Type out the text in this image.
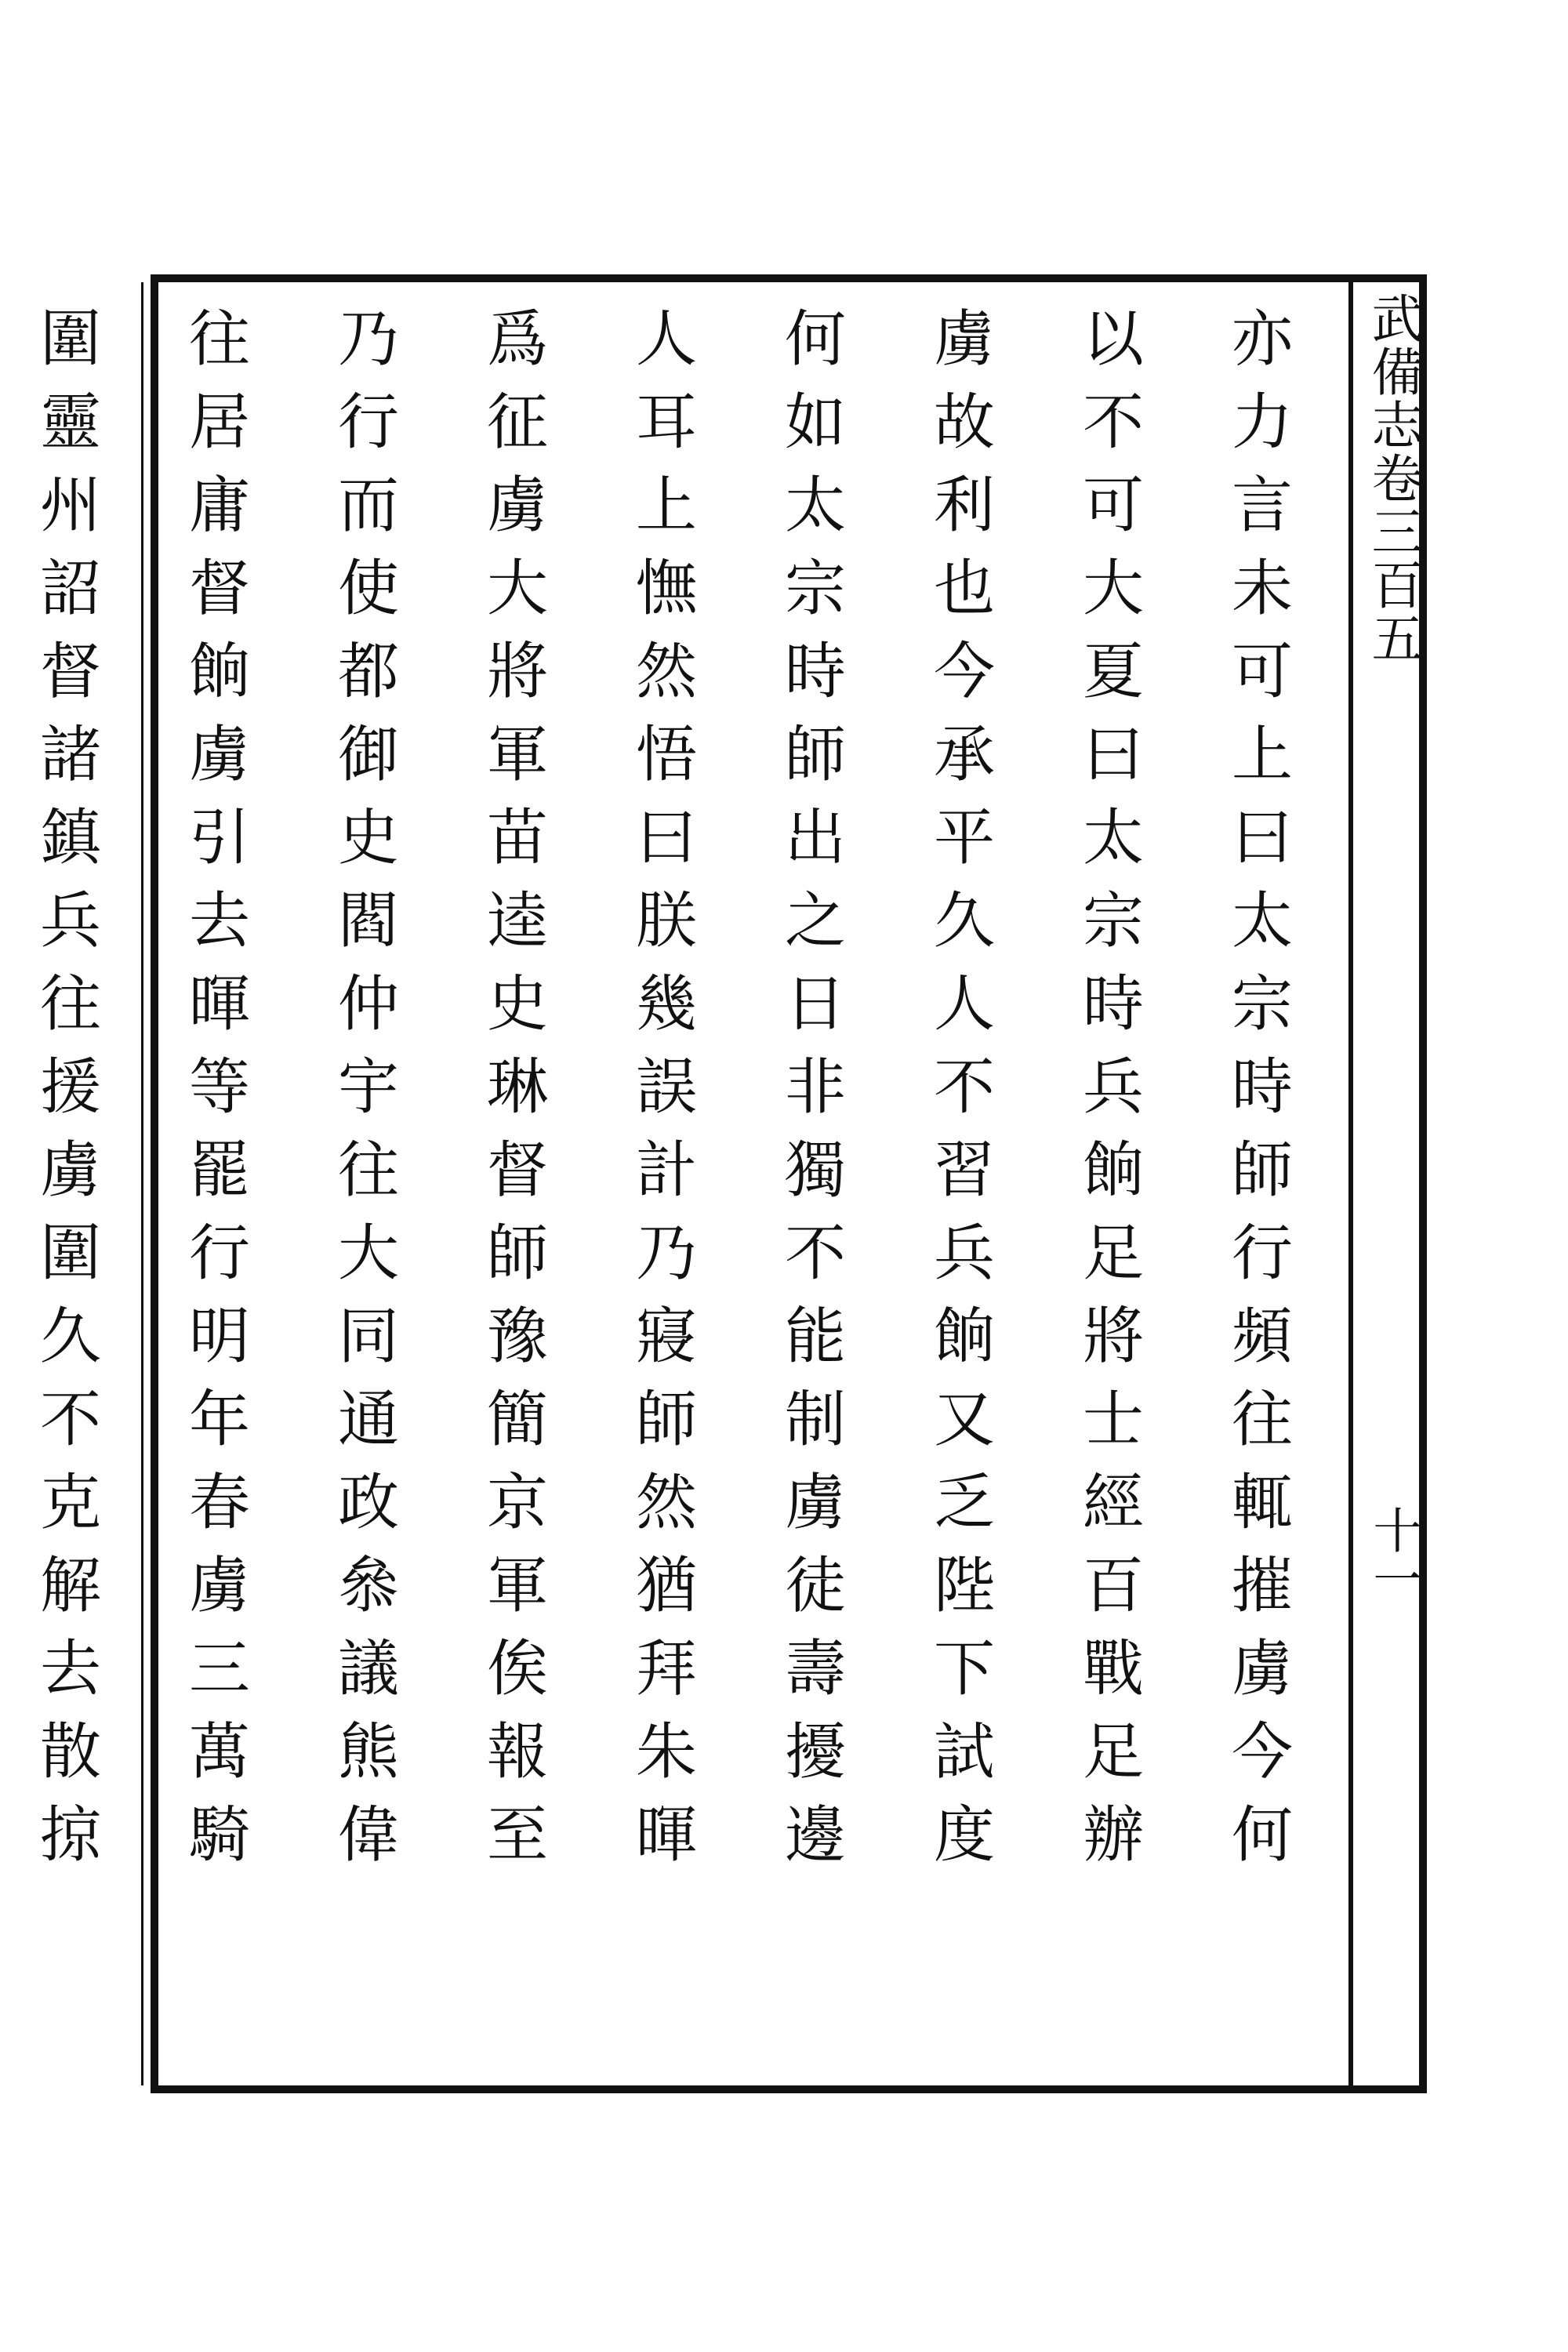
武備志卷三百五
十一
亦
力
言
未
可
上
曰
太
宗
時
師
行
頻
往
輒
摧
虜
今
何
以
不
可
大
夏
曰
太
宗
時
兵
餉
足
將
士
經
百
戰
足
辦
虜
故
利
也
今
承
平
久
人
不
習
兵
餉
又
乏
陛
下
試
度
何
如
太
宗
時
師
出
之
日
非
獨
不
能
制
虜
徒
壽
擾
邊
人
耳
上
憮
然
悟
曰
朕
幾
誤
計
乃
寢
師
然
猶
拜
朱
暉
爲
征
虜
大
將
軍
苗
逵
史
琳
督
師
豫
簡
京
軍
俟
報
至
乃
行
而
使
都
御
史
閻
仲
宇
往
大
同
通
政
叅
議
熊
偉
往
居
庸
督
餉
虜
引
去
暉
等
罷
行
明
年
春
虜
三
萬
騎
圍
靈
州
詔
督
諸
鎮
兵
往
援
虜
圍
久
不
克
解
去
散
掠
